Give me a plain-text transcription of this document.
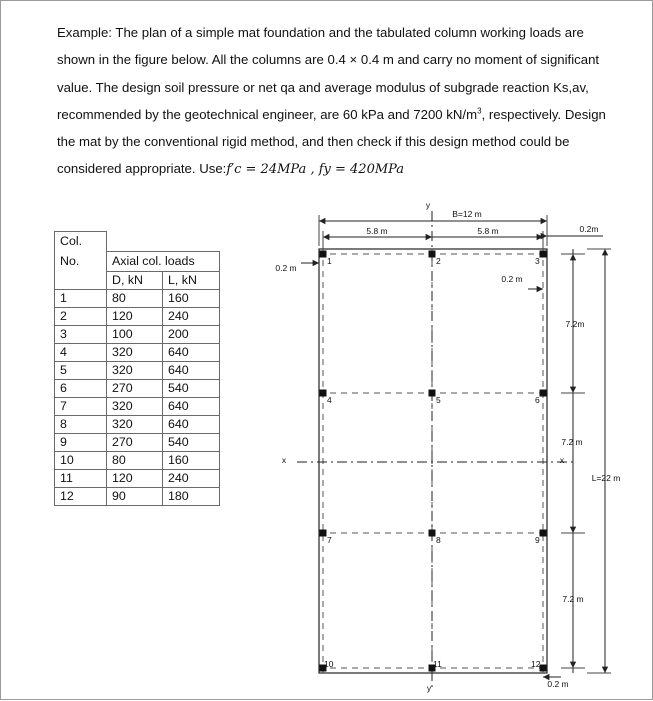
Example: The plan of a simple mat foundation and the tabulated column working loads are shown in the figure below. All the columns are 0.4 × 0.4 m and carry no moment of significant value. The design soil pressure or net qa and average modulus of subgrade reaction Ks,av, recommended by the geotechnical engineer, are 60 kPa and 7200 $kN/m^3$, respectively. Design the mat by the conventional rigid method, and then check if this design method could be considered appropriate. Use:f′c = 24MPa , fy = 420MPa

Col.		
No.	Axial col. loads	
	D, kN	L, kN
1	80	160
2	120	240
3	100	200
4	320	640
5	320	640
6	270	540
7	320	640
8	320	640
9	270	540
10	80	160
11	120	240
12	90	180
y
y
x	x
1	2	3
4	5	6
7	8	9
10	11	12
B=12 m
5.8 m	5.8 m	0.2m
0.2 m
0.2 m
7.2m
7.2 m
7.2 m
L=22 m
0.2 m
